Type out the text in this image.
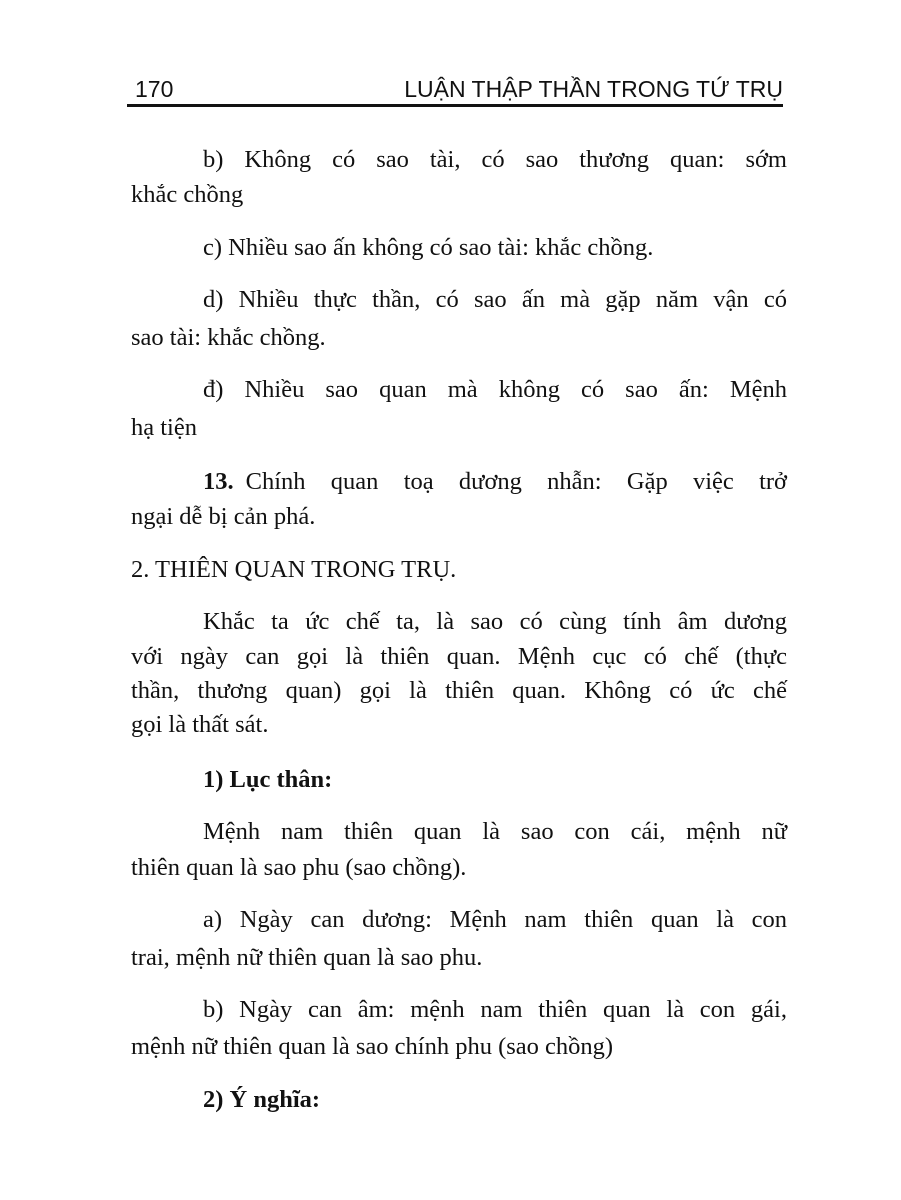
170	LUẬN THẬP THẦN TRONG TỨ TRỤ
b) Không có sao tài, có sao thương quan: sớm
khắc chồng
c) Nhiều sao ấn không có sao tài: khắc chồng.
d) Nhiều thực thần, có sao ấn mà gặp năm vận có
sao tài: khắc chồng.
đ) Nhiều sao quan mà không có sao ấn: Mệnh
hạ tiện
13. Chính quan toạ dương nhẫn: Gặp việc trở
ngại dễ bị cản phá.
2. THIÊN QUAN TRONG TRỤ.
Khắc ta ức chế ta, là sao có cùng tính âm dương
với ngày can gọi là thiên quan. Mệnh cục có chế (thực
thần, thương quan) gọi là thiên quan. Không có ức chế
gọi là thất sát.
1) Lục thân:
Mệnh nam thiên quan là sao con cái, mệnh nữ
thiên quan là sao phu (sao chồng).
a) Ngày can dương: Mệnh nam thiên quan là con
trai, mệnh nữ thiên quan là sao phu.
b) Ngày can âm: mệnh nam thiên quan là con gái,
mệnh nữ thiên quan là sao chính phu (sao chồng)
2) Ý nghĩa:
